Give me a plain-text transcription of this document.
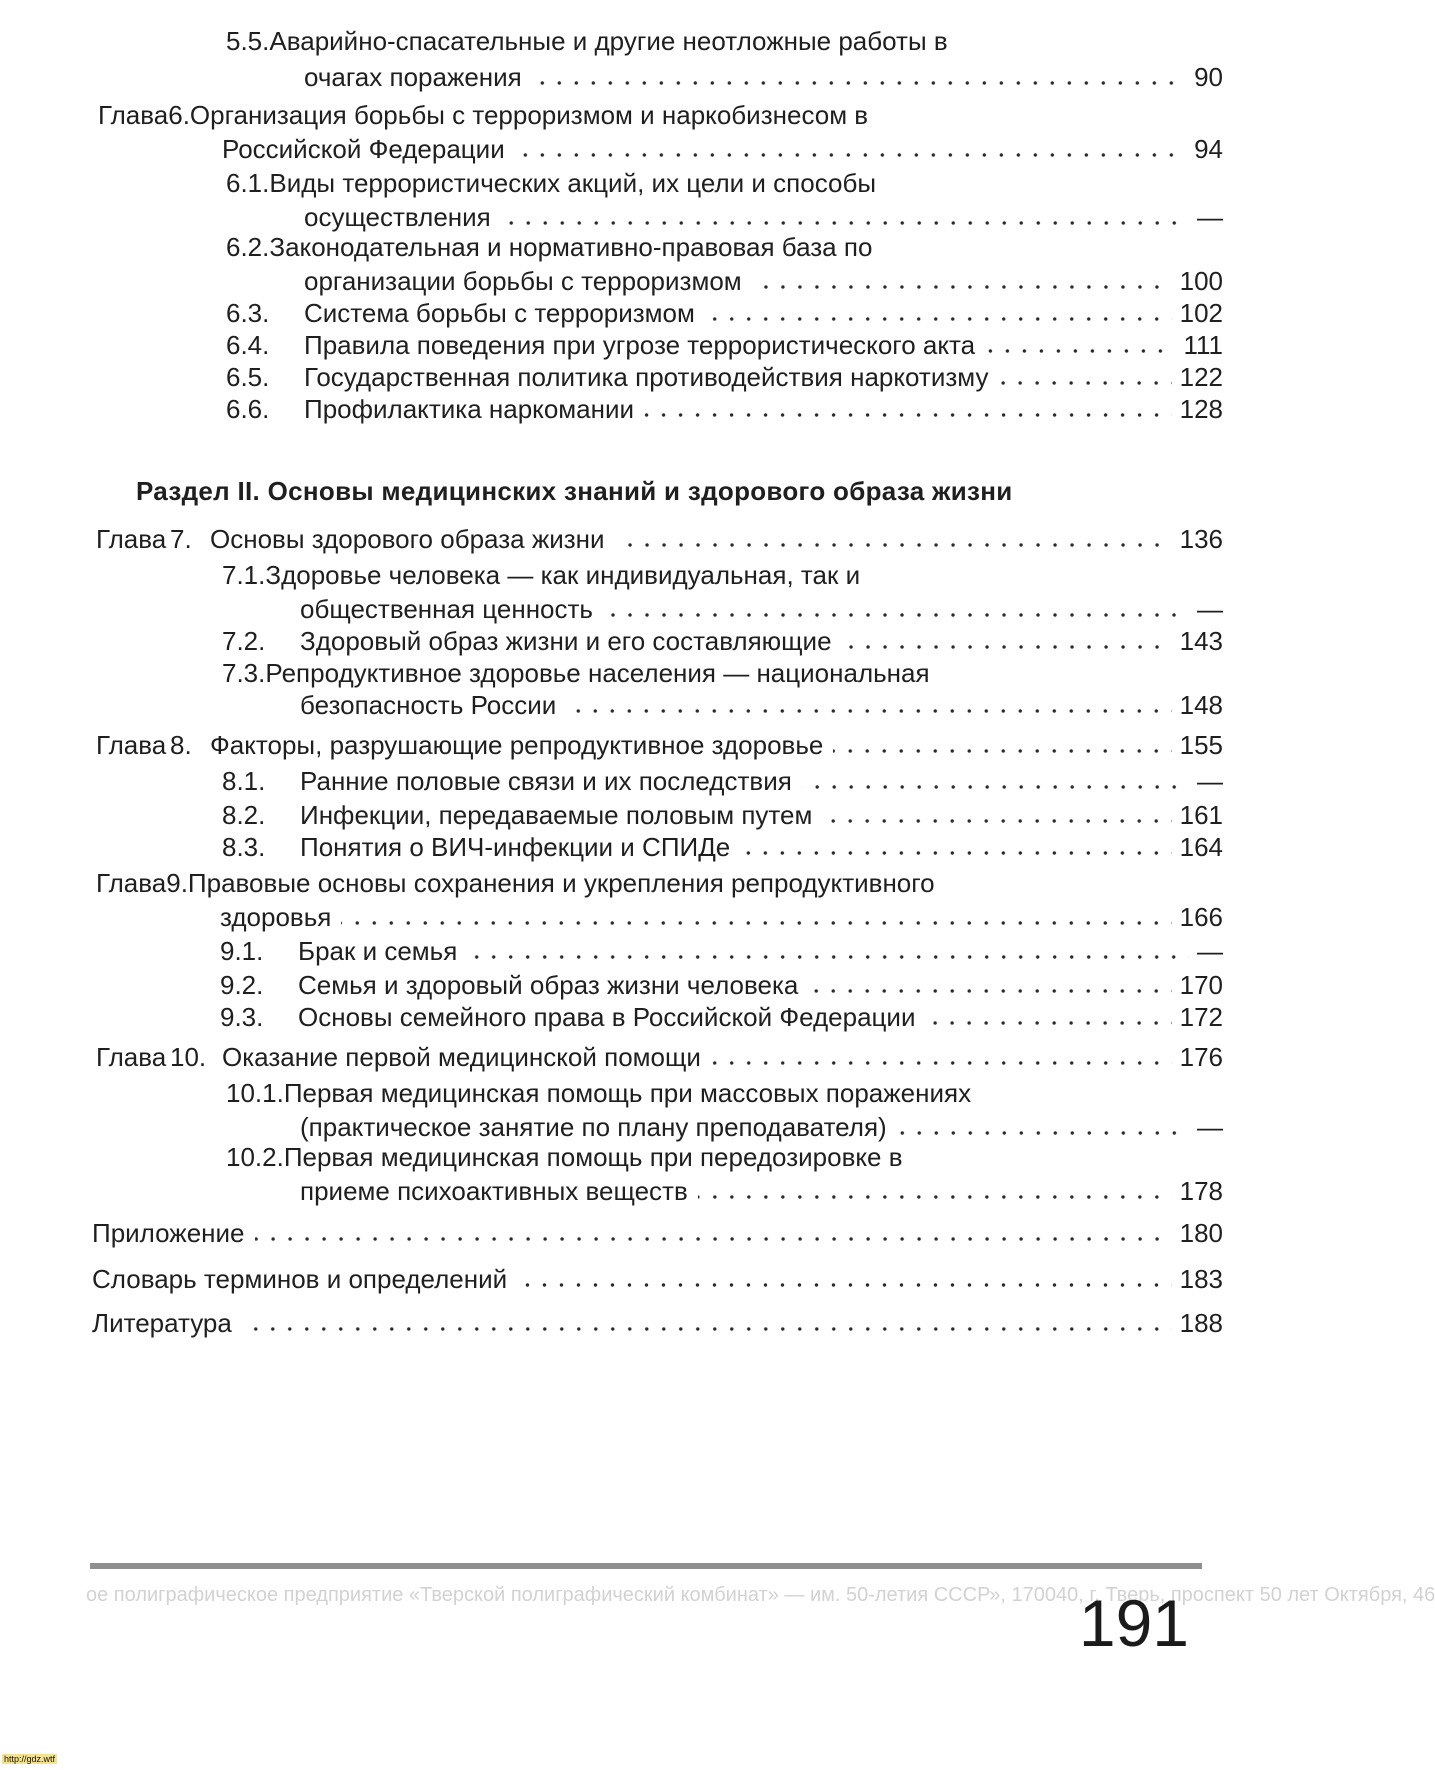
5.5.Аварийно-спасательные и другие неотложные работы в
очагах поражения	90
Глава6.Организация борьбы с терроризмом и наркобизнесом в
Российской Федерации	94
6.1.Виды террористических акций, их цели и способы
осуществления	—
6.2.Законодательная и нормативно-правовая база по
организации борьбы с терроризмом	100
6.3. Система борьбы с терроризмом	102
6.4. Правила поведения при угрозе террористического акта	111
6.5. Государственная политика противодействия наркотизму	122
6.6. Профилактика наркомании	128
Раздел II. Основы медицинских знаний и здорового образа жизни
Глава 7. Основы здорового образа жизни	136
7.1.Здоровье человека — как индивидуальная, так и
общественная ценность	—
7.2. Здоровый образ жизни и его составляющие	143
7.3.Репродуктивное здоровье населения — национальная
безопасность России	148
Глава 8. Факторы, разрушающие репродуктивное здоровье	155
8.1. Ранние половые связи и их последствия	—
8.2. Инфекции, передаваемые половым путем	161
8.3. Понятия о ВИЧ-инфекции и СПИДе	164
Глава9.Правовые основы сохранения и укрепления репродуктивного
здоровья	166
9.1. Брак и семья	—
9.2. Семья и здоровый образ жизни человека	170
9.3. Основы семейного права в Российской Федерации	172
Глава 10. Оказание первой медицинской помощи	176
10.1.Первая медицинская помощь при массовых поражениях
(практическое занятие по плану преподавателя)	—
10.2.Первая медицинская помощь при передозировке в
приеме психоактивных веществ	178
Приложение	180
Словарь терминов и определений	183
Литература	188
ое полиграфическое предприятие «Тверской полиграфический комбинат» — им. 50-летия СССР», 170040, г. Тверь, проспект 50 лет Октября, 46
191
http://gdz.wtf
